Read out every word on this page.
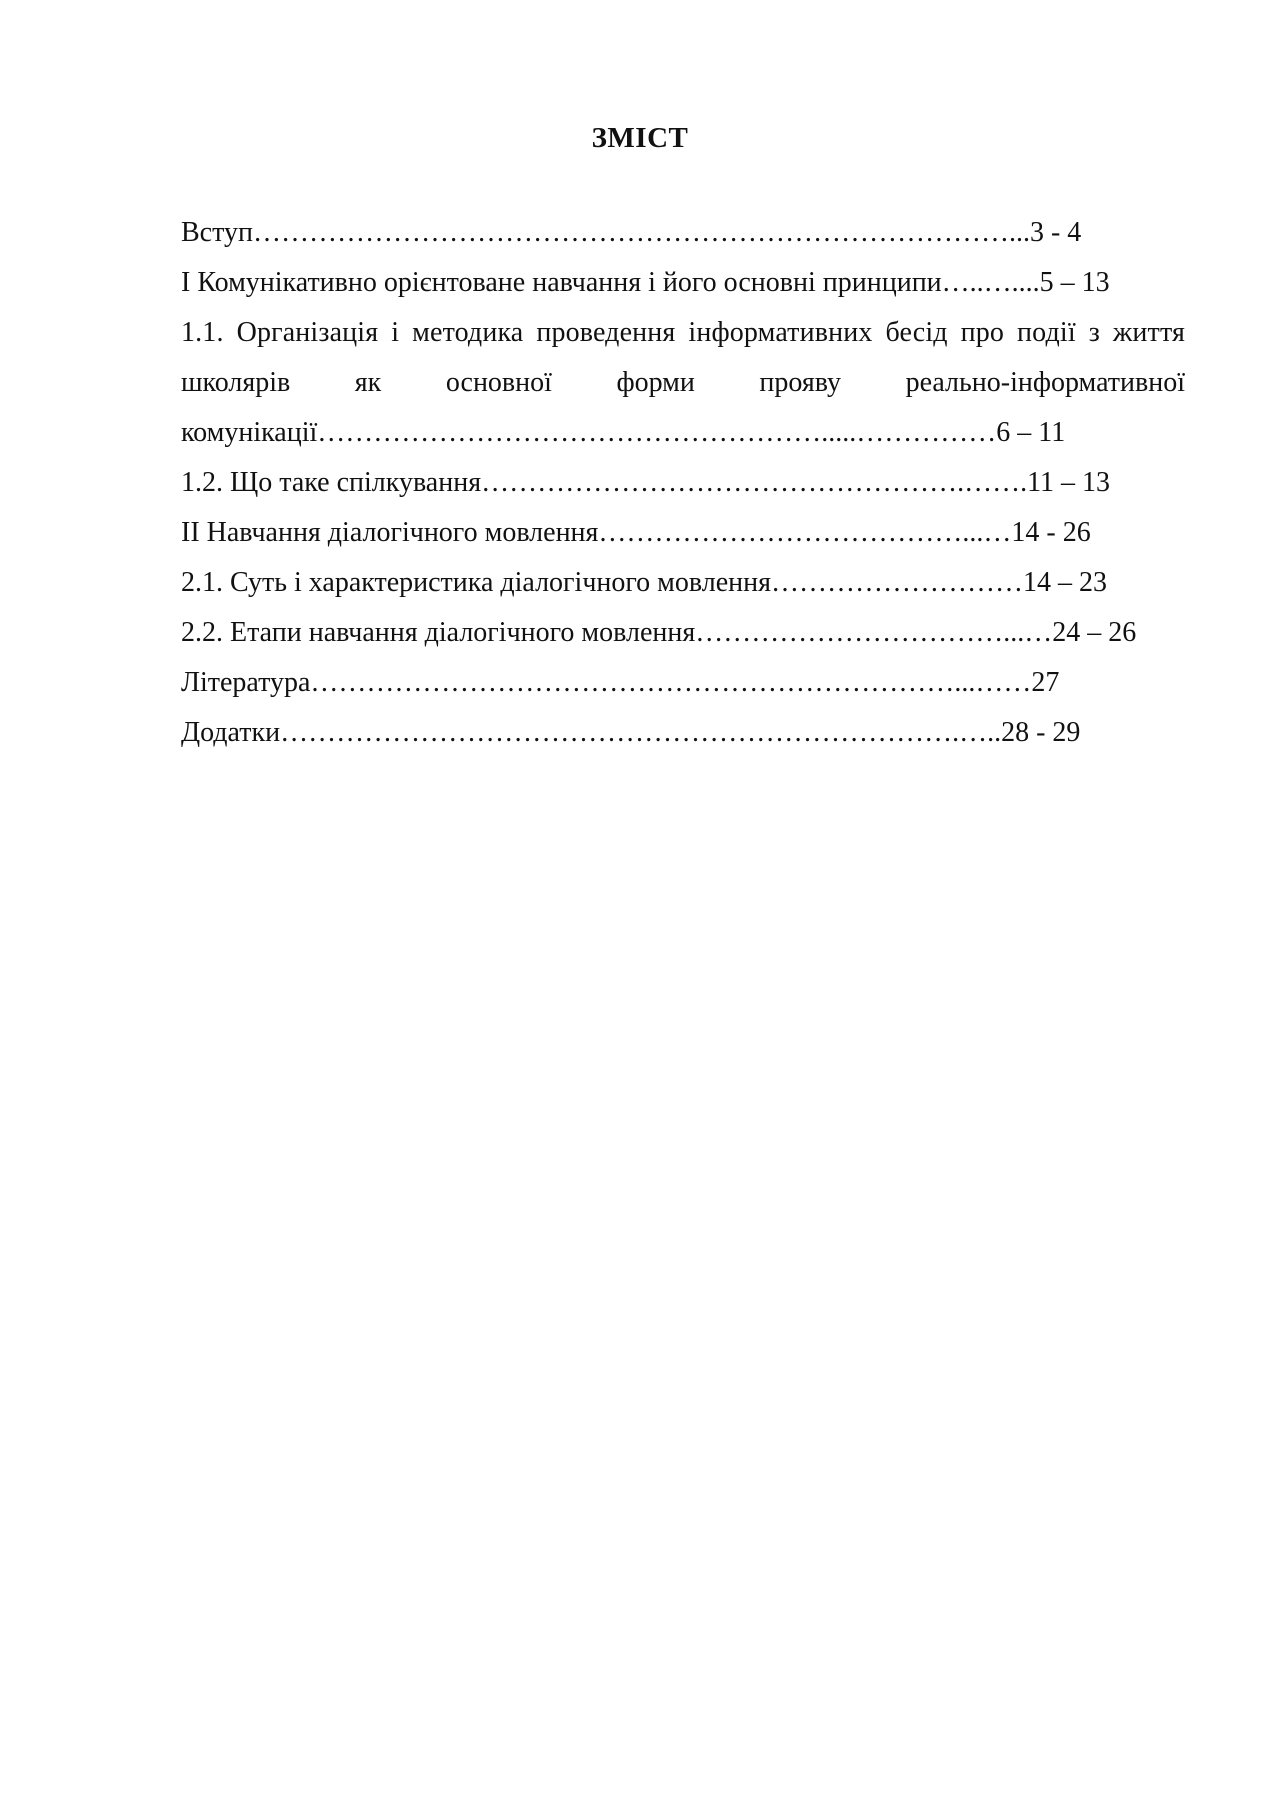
ЗМІСТ
Вступ………………………………………………………………………...3 - 4
І Комунікативно орієнтоване навчання і його основні принципи…..…....5 – 13
1.1. Організація і методика проведення інформативних бесід про події з життя
школярів як основної форми прояву реально-інформативної
комунікації……………………………………………….....……………6 – 11
1.2. Що таке спілкування…………………………………………….…….11 – 13
ІІ Навчання діалогічного мовлення…………………………………...…14 - 26
2.1. Суть і характеристика діалогічного мовлення………………………14 – 23
2.2. Етапи навчання діалогічного мовлення……………………………...…24 – 26
Література……………………………………………………………...……27
Додатки……………………………………………………………….…..28 - 29
